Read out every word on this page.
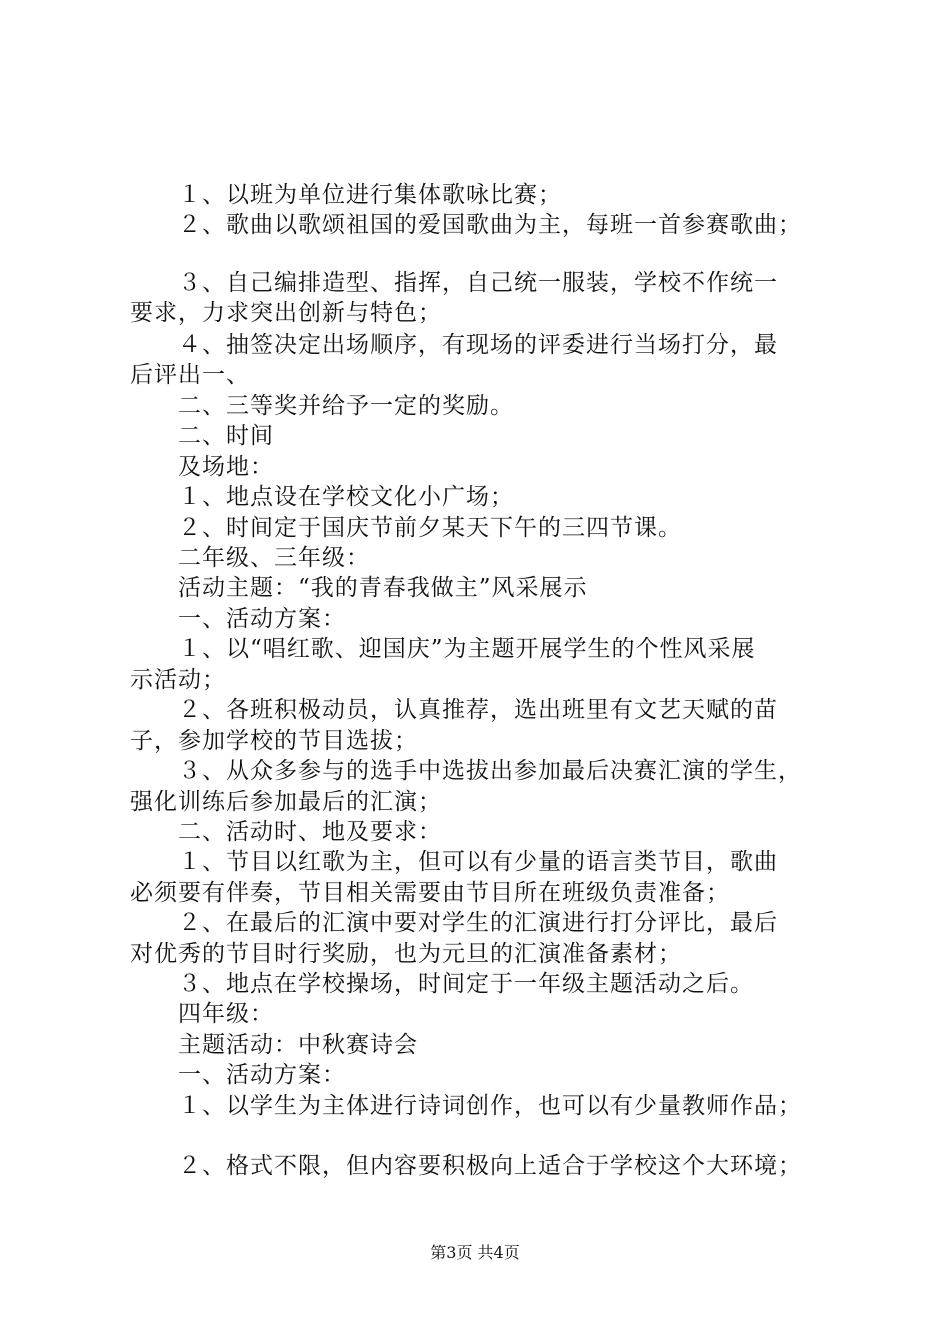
　　１、以班为单位进行集体歌咏比赛；
　　２、歌曲以歌颂祖国的爱国歌曲为主，每班一首参赛歌曲；
　　３、自己编排造型、指挥，自己统一服装，学校不作统一
要求，力求突出创新与特色；
　　４、抽签决定出场顺序，有现场的评委进行当场打分，最
后评出一、
　　二、三等奖并给予一定的奖励。
　　二、时间
　　及场地：
　　１、地点设在学校文化小广场；
　　２、时间定于国庆节前夕某天下午的三四节课。
　　二年级、三年级：
　　活动主题：“我的青春我做主”风采展示
　　一、活动方案：
　　１、以“唱红歌、迎国庆”为主题开展学生的个性风采展
示活动；
　　２、各班积极动员，认真推荐，选出班里有文艺天赋的苗
子，参加学校的节目选拔；
　　３、从众多参与的选手中选拔出参加最后决赛汇演的学生，
强化训练后参加最后的汇演；
　　二、活动时、地及要求：
　　１、节目以红歌为主，但可以有少量的语言类节目，歌曲
必须要有伴奏，节目相关需要由节目所在班级负责准备；
　　２、在最后的汇演中要对学生的汇演进行打分评比，最后
对优秀的节目时行奖励，也为元旦的汇演准备素材；
　　３、地点在学校操场，时间定于一年级主题活动之后。
　　四年级：
　　主题活动：中秋赛诗会
　　一、活动方案：
　　１、以学生为主体进行诗词创作，也可以有少量教师作品；
　　２、格式不限，但内容要积极向上适合于学校这个大环境；
第3页 共4页
